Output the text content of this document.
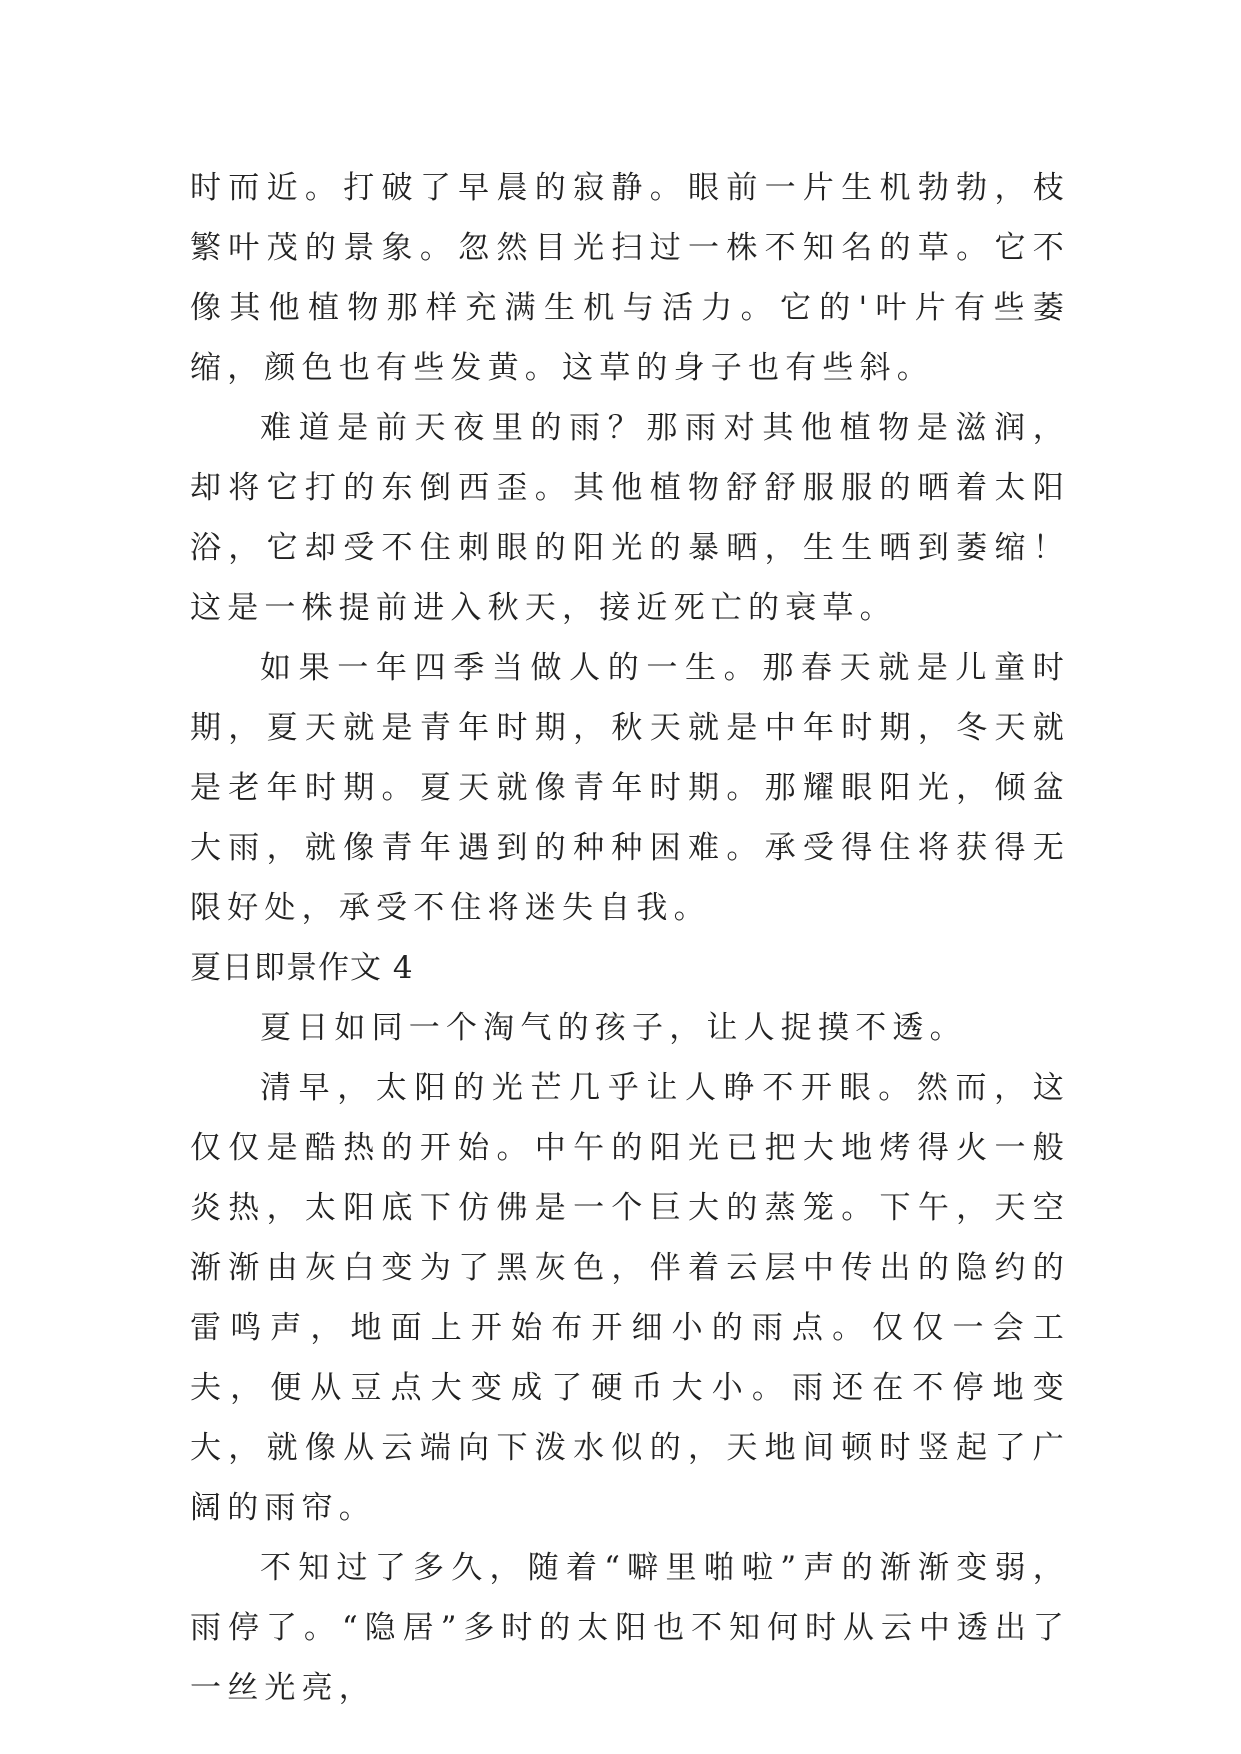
时而近。打破了早晨的寂静。眼前一片生机勃勃，枝繁叶茂的景象。忽然目光扫过一株不知名的草。它不像其他植物那样充满生机与活力。它的'叶片有些萎缩，颜色也有些发黄。这草的身子也有些斜。

难道是前天夜里的雨？那雨对其他植物是滋润，却将它打的东倒西歪。其他植物舒舒服服的晒着太阳浴，它却受不住刺眼的阳光的暴晒，生生晒到萎缩！这是一株提前进入秋天，接近死亡的衰草。

如果一年四季当做人的一生。那春天就是儿童时期，夏天就是青年时期，秋天就是中年时期，冬天就是老年时期。夏天就像青年时期。那耀眼阳光，倾盆大雨，就像青年遇到的种种困难。承受得住将获得无限好处，承受不住将迷失自我。

夏日即景作文 4

夏日如同一个淘气的孩子，让人捉摸不透。

清早，太阳的光芒几乎让人睁不开眼。然而，这仅仅是酷热的开始。中午的阳光已把大地烤得火一般炎热，太阳底下仿佛是一个巨大的蒸笼。下午，天空渐渐由灰白变为了黑灰色，伴着云层中传出的隐约的雷鸣声，地面上开始布开细小的雨点。仅仅一会工夫，便从豆点大变成了硬币大小。雨还在不停地变大，就像从云端向下泼水似的，天地间顿时竖起了广阔的雨帘。

不知过了多久，随着“噼里啪啦”声的渐渐变弱，雨停了。“隐居”多时的太阳也不知何时从云中透出了一丝光亮，
